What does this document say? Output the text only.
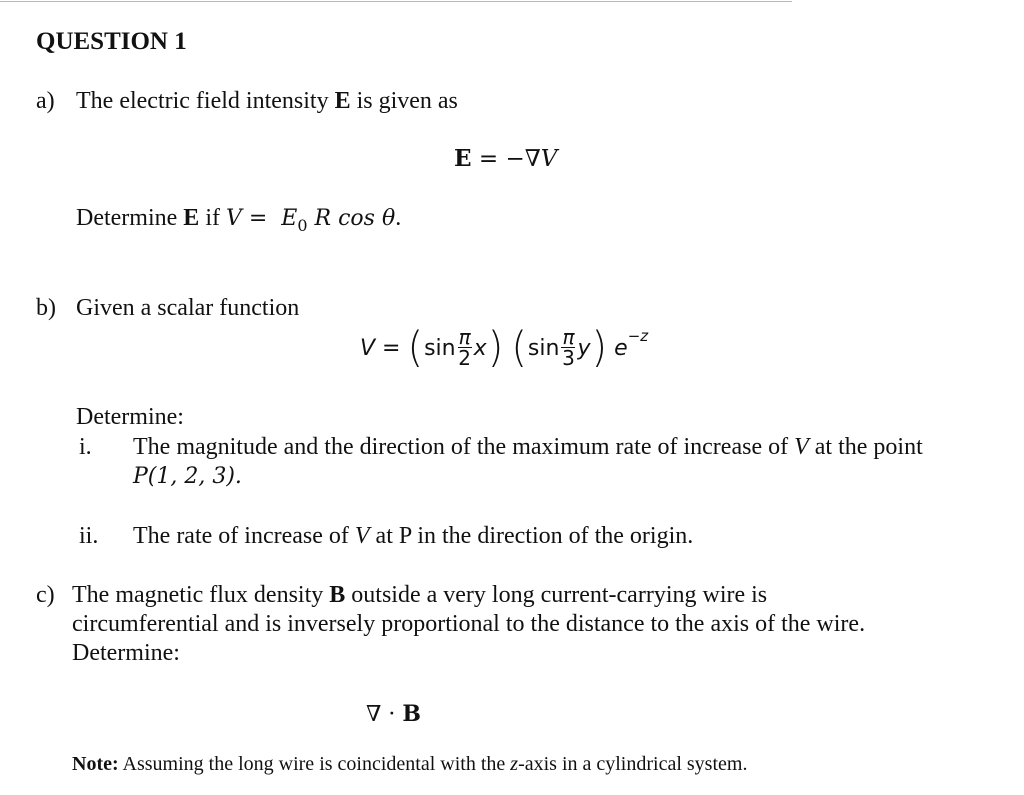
QUESTION 1
a) The electric field intensity E is given as
E = −∇V
Determine E if $V = E_0$ R cos θ.
b) Given a scalar function
V = ( $\sin \frac{\pi}{2}$ x ) ( $\sin \frac{\pi}{3}$ y ) e −z
Determine:
i. The magnitude and the direction of the maximum rate of increase of V at the point
P(1, 2, 3).
ii. The rate of increase of V at P in the direction of the origin.
c) The magnetic flux density B outside a very long current-carrying wire is
circumferential and is inversely proportional to the distance to the axis of the wire.
Determine:
∇ · B
Note: Assuming the long wire is coincidental with the z-axis in a cylindrical system.
